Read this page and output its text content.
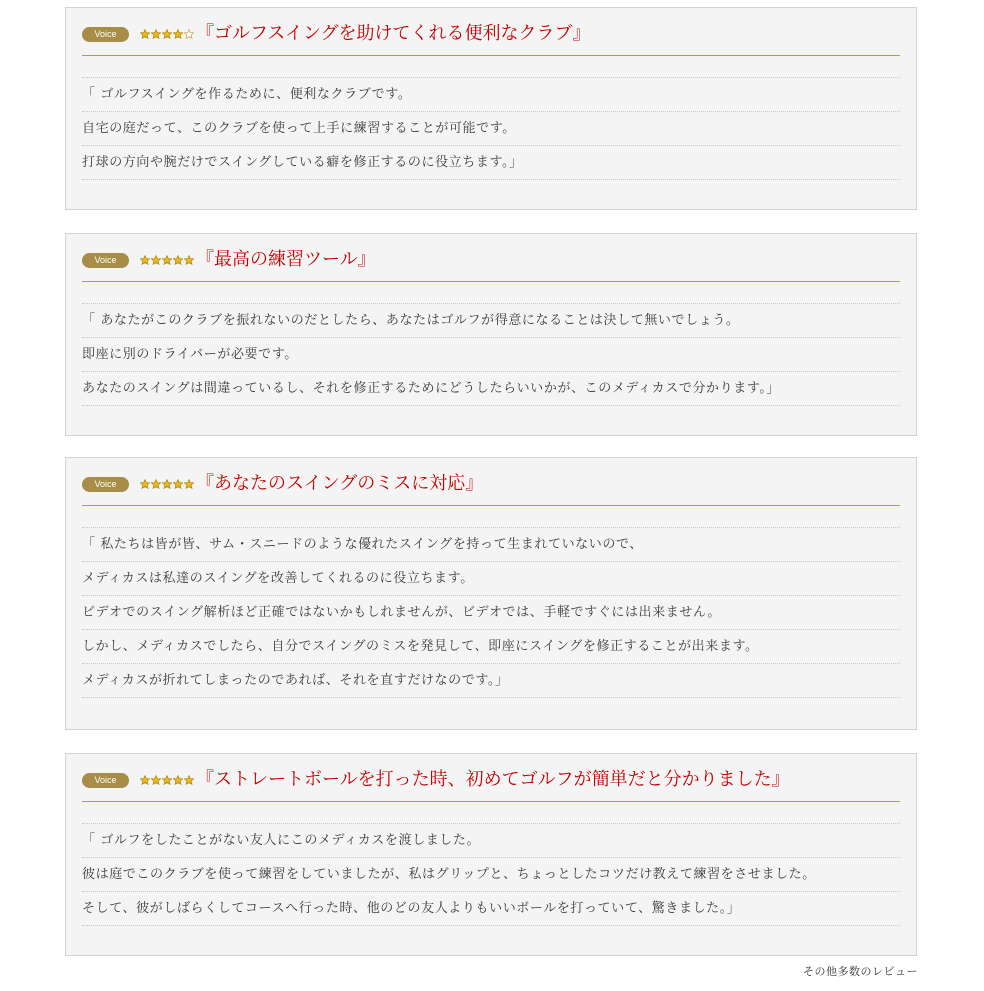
Voice	『ゴルフスイングを助けてくれる便利なクラブ』
「 ゴルフスイングを作るために、便利なクラブです。
自宅の庭だって、このクラブを使って上手に練習することが可能です。
打球の方向や腕だけでスイングしている癖を修正するのに役立ちます。」
Voice	『最高の練習ツール』
「 あなたがこのクラブを振れないのだとしたら、あなたはゴルフが得意になることは決して無いでしょう。
即座に別のドライバーが必要です。
あなたのスイングは間違っているし、それを修正するためにどうしたらいいかが、このメディカスで分かります。」
Voice	『あなたのスイングのミスに対応』
「 私たちは皆が皆、サム・スニードのような優れたスイングを持って生まれていないので、
メディカスは私達のスイングを改善してくれるのに役立ちます。
ビデオでのスイング解析ほど正確ではないかもしれませんが、ビデオでは、手軽ですぐには出来ません。
しかし、メディカスでしたら、自分でスイングのミスを発見して、即座にスイングを修正することが出来ます。
メディカスが折れてしまったのであれば、それを直すだけなのです。」
Voice	『ストレートボールを打った時、初めてゴルフが簡単だと分かりました』
「 ゴルフをしたことがない友人にこのメディカスを渡しました。
彼は庭でこのクラブを使って練習をしていましたが、私はグリップと、ちょっとしたコツだけ教えて練習をさせました。
そして、彼がしばらくしてコースへ行った時、他のどの友人よりもいいボールを打っていて、驚きました。」
その他多数のレビュー
